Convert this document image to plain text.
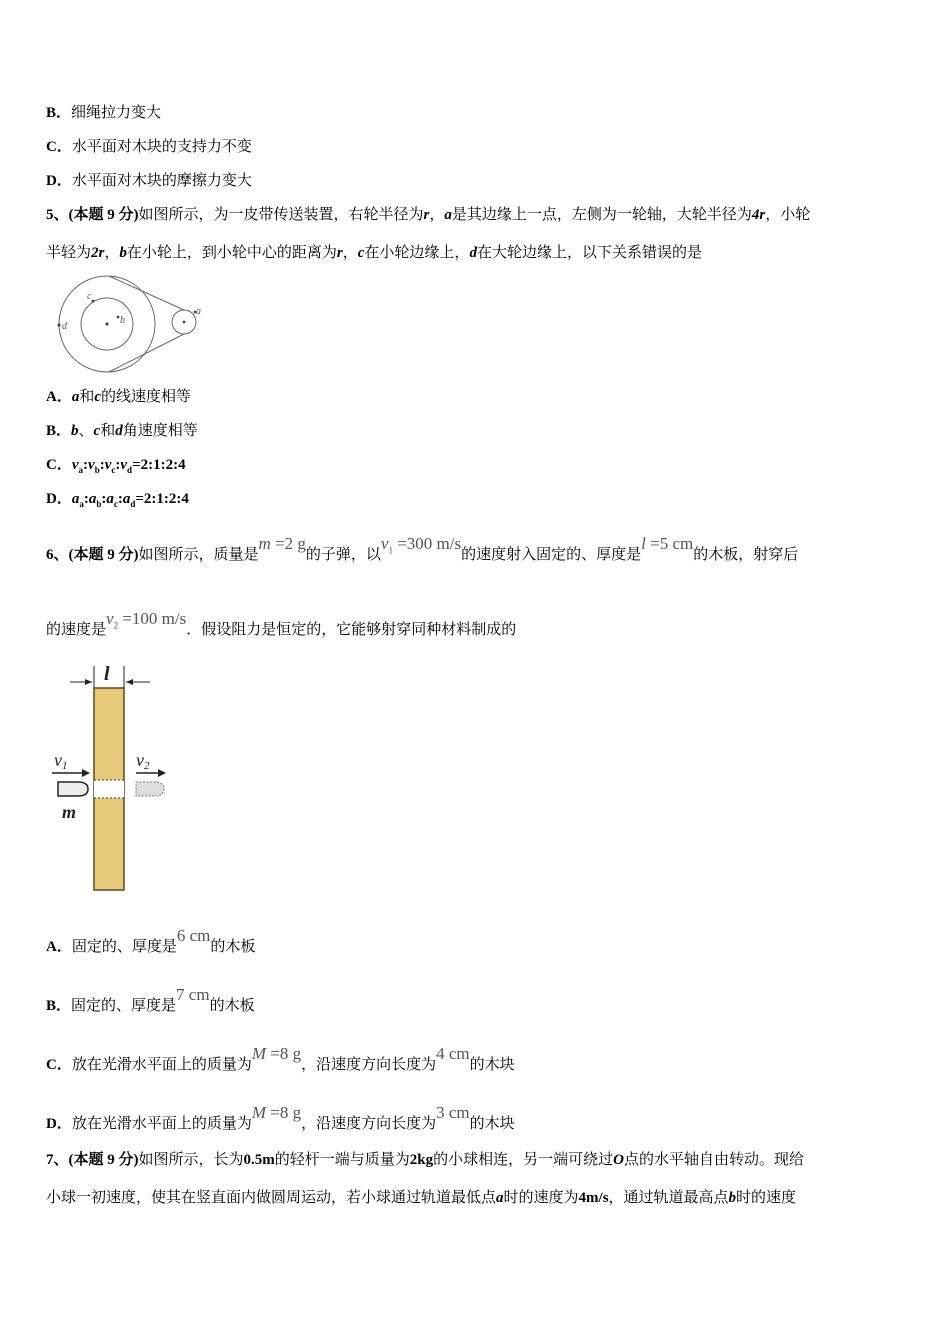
B．细绳拉力变大
C．水平面对木块的支持力不变
D．水平面对木块的摩擦力变大
5、(本题 9 分)如图所示，为一皮带传送装置，右轮半径为r，a是其边缘上一点，左侧为一轮轴，大轮半径为4r，小轮
半轻为2r，b在小轮上，到小轮中心的距离为r，c在小轮边缘上，d在大轮边缘上，以下关系错误的是
c
b
d
a
A．a和c的线速度相等
B．b、c和d角速度相等
C．$v_a:v_b:v_c:v_d=2:1:2:4$
D．$a_a:a_b:a_c:a_d=2:1:2:4$
6、(本题 9 分)如图所示，质量是m =2 g的子弹，以$v_1 =300$ m/s的速度射入固定的、厚度是l =5 cm的木板，射穿后
的速度是$v_2 =100$ m/s．假设阻力是恒定的，它能够射穿同种材料制成的
l
v1	v2
m
A．固定的、厚度是6 cm的木板
B．固定的、厚度是7 cm的木板
C．放在光滑水平面上的质量为M =8 g，沿速度方向长度为4 cm的木块
D．放在光滑水平面上的质量为M =8 g，沿速度方向长度为3 cm的木块
7、(本题 9 分)如图所示，长为0.5m的轻杆一端与质量为2kg的小球相连，另一端可绕过O点的水平轴自由转动。现给
小球一初速度，使其在竖直面内做圆周运动，若小球通过轨道最低点a时的速度为4m/s，通过轨道最高点b时的速度
